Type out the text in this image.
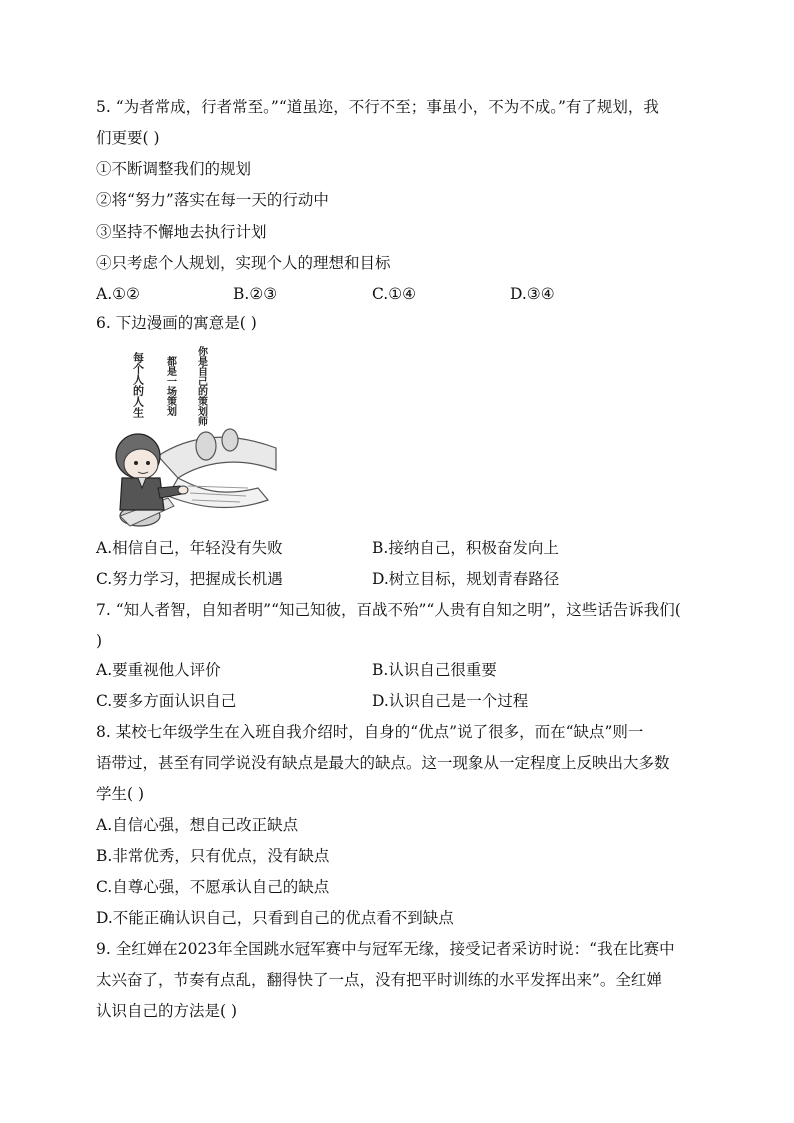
5. “为者常成，行者常至。”“道虽迩，不行不至；事虽小，不为不成。”有了规划，我
们更要( )
①不断调整我们的规划
②将“努力”落实在每一天的行动中
③坚持不懈地去执行计划
④只考虑个人规划，实现个人的理想和目标
A.①②	B.②③	C.①④	D.③④
6. 下边漫画的寓意是( )
每个人的人生 都是一场策划 你是自己的策划师
A.相信自己，年轻没有失败	B.接纳自己，积极奋发向上
C.努力学习，把握成长机遇	D.树立目标，规划青春路径
7. “知人者智，自知者明”“知己知彼，百战不殆”“人贵有自知之明”，这些话告诉我们(
)
A.要重视他人评价	B.认识自己很重要
C.要多方面认识自己	D.认识自己是一个过程
8. 某校七年级学生在入班自我介绍时，自身的“优点”说了很多，而在“缺点”则一
语带过，甚至有同学说没有缺点是最大的缺点。这一现象从一定程度上反映出大多数
学生( )
A.自信心强，想自己改正缺点
B.非常优秀，只有优点，没有缺点
C.自尊心强，不愿承认自己的缺点
D.不能正确认识自己，只看到自己的优点看不到缺点
9. 全红婵在2023年全国跳水冠军赛中与冠军无缘，接受记者采访时说：“我在比赛中
太兴奋了，节奏有点乱，翻得快了一点，没有把平时训练的水平发挥出来”。全红婵
认识自己的方法是( )
